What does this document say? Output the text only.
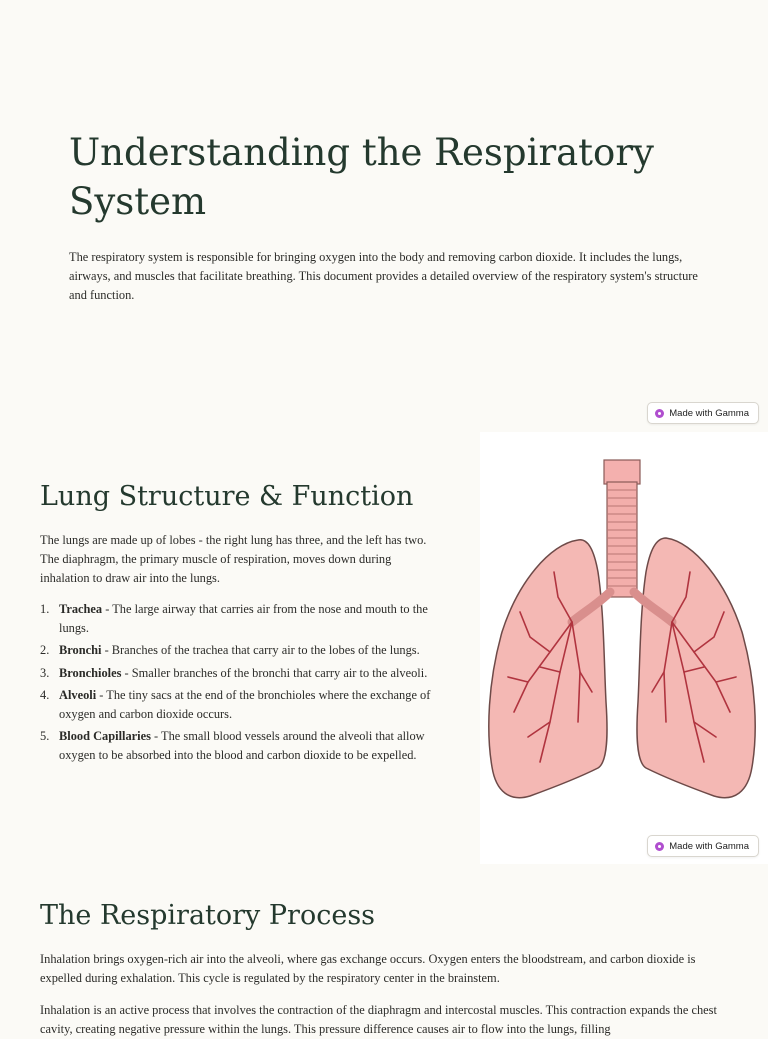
Understanding the Respiratory System

The respiratory system is responsible for bringing oxygen into the body and removing carbon dioxide. It includes the lungs, airways, and muscles that facilitate breathing. This document provides a detailed overview of the respiratory system's structure and function.

Made with Gamma
Lung Structure & Function

The lungs are made up of lobes - the right lung has three, and the left has two. The diaphragm, the primary muscle of respiration, moves down during inhalation to draw air into the lungs.

1. Trachea - The large airway that carries air from the nose and mouth to the lungs.
2. Bronchi - Branches of the trachea that carry air to the lobes of the lungs.
3. Bronchioles - Smaller branches of the bronchi that carry air to the alveoli.
4. Alveoli - The tiny sacs at the end of the bronchioles where the exchange of oxygen and carbon dioxide occurs.
5. Blood Capillaries - The small blood vessels around the alveoli that allow oxygen to be absorbed into the blood and carbon dioxide to be expelled.
Made with Gamma
The Respiratory Process

Inhalation brings oxygen-rich air into the alveoli, where gas exchange occurs. Oxygen enters the bloodstream, and carbon dioxide is expelled during exhalation. This cycle is regulated by the respiratory center in the brainstem.

Inhalation is an active process that involves the contraction of the diaphragm and intercostal muscles. This contraction expands the chest cavity, creating negative pressure within the lungs. This pressure difference causes air to flow into the lungs, filling
